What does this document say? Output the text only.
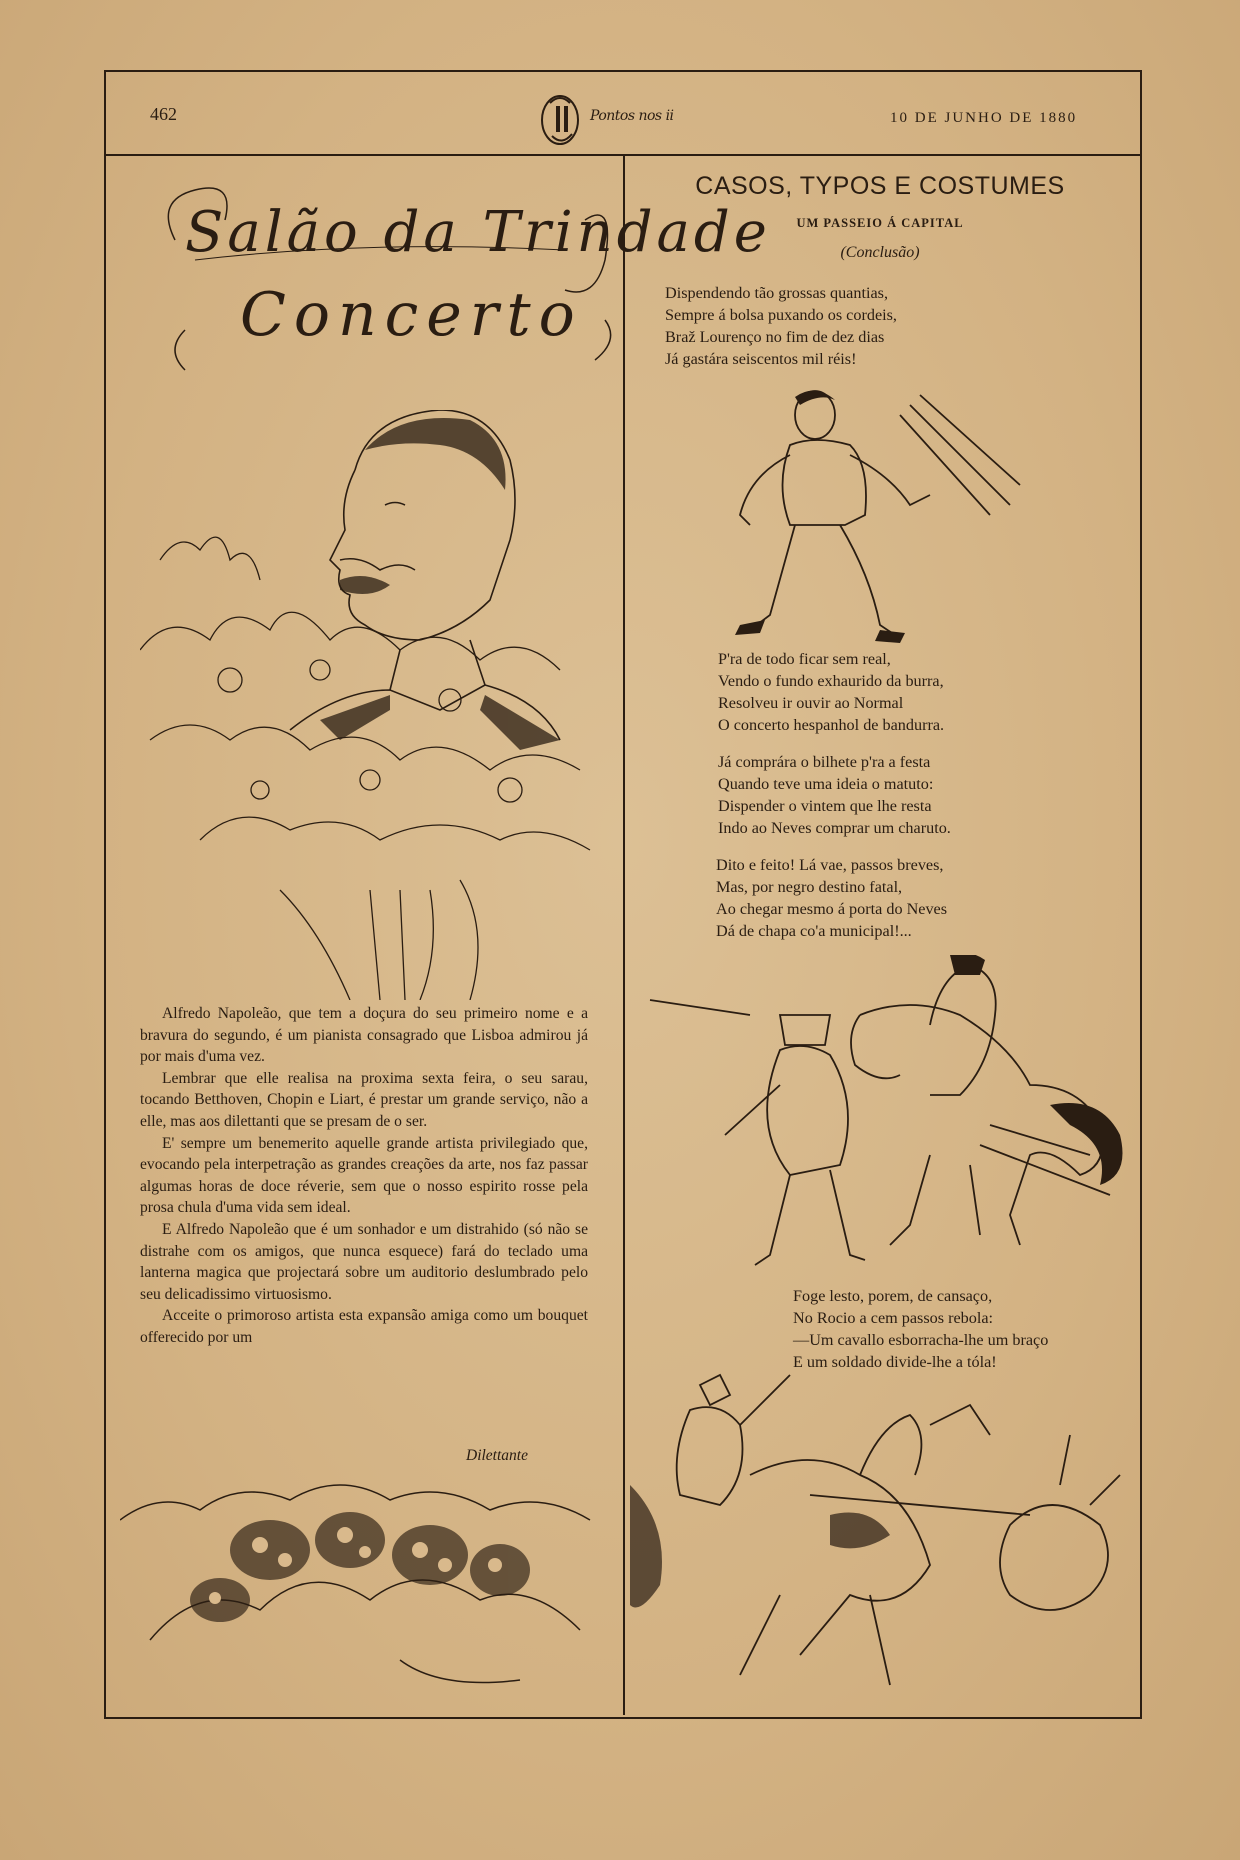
462	Pontos nos ii	10 DE JUNHO DE 1880
Salão da Trindade
Concerto

Alfredo Napoleão, que tem a doçura do seu primeiro nome e a bravura do segundo, é um pianista consagrado que Lisboa admirou já por mais d'uma vez.

Lembrar que elle realisa na proxima sexta feira, o seu sarau, tocando Betthoven, Chopin e Liart, é prestar um grande serviço, não a elle, mas aos dilettanti que se presam de o ser.

E' sempre um benemerito aquelle grande artista privilegiado que, evocando pela interpetração as grandes creações da arte, nos faz passar algumas horas de doce réverie, sem que o nosso espirito rosse pela prosa chula d'uma vida sem ideal.

E Alfredo Napoleão que é um sonhador e um distrahido (só não se distrahe com os amigos, que nunca esquece) fará do teclado uma lanterna magica que projectará sobre um auditorio deslumbrado pelo seu delicadissimo virtuosismo.

Acceite o primoroso artista esta expansão amiga como um bouquet offerecido por um

Dilettante
CASOS, TYPOS E COSTUMES
UM PASSEIO Á CAPITAL
(Conclusão)
Dispendendo tão grossas quantias,
Sempre á bolsa puxando os cordeis,
Braž Lourenço no fim de dez dias
Já gastára seiscentos mil réis!
P'ra de todo ficar sem real,
Vendo o fundo exhaurido da burra,
Resolveu ir ouvir ao Normal
O concerto hespanhol de bandurra.
Já comprára o bilhete p'ra a festa
Quando teve uma ideia o matuto:
Dispender o vintem que lhe resta
Indo ao Neves comprar um charuto.
Dito e feito! Lá vae, passos breves,
Mas, por negro destino fatal,
Ao chegar mesmo á porta do Neves
Dá de chapa co'a municipal!...
Foge lesto, porem, de cansaço,
No Rocio a cem passos rebola:
—Um cavallo esborracha-lhe um braço
E um soldado divide-lhe a tóla!
